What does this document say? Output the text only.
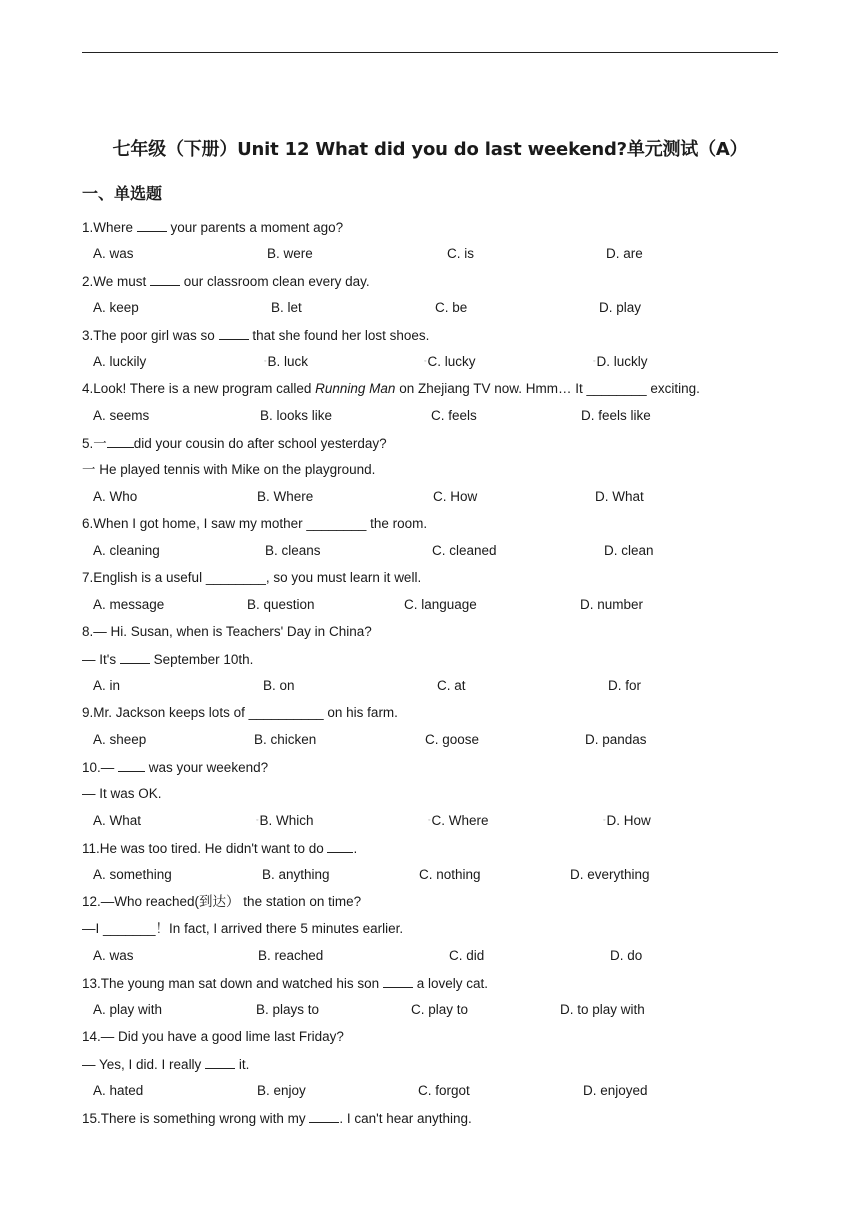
七年级（下册）Unit 12 What did you do last weekend?单元测试（A）
一、单选题
1.Where  your parents a moment ago?
A. was	B. were	C. is	D. are
2.We must  our classroom clean every day.
A. keep	B. let	C. be	D. play
3.The poor girl was so  that she found her lost shoes.
A. luckily	◦B. luck	◦C. lucky	◦D. luckly
4.Look! There is a new program called Running Man on Zhejiang TV now. Hmm… It ________ exciting.
A. seems	B. looks like	C. feels	D. feels like
5.一 did your cousin do after school yesterday?
一 He played tennis with Mike on the playground.
A. Who	B. Where	C. How	D. What
6.When I got home, I saw my mother ________ the room.
A. cleaning	B. cleans	C. cleaned	D. clean
7.English is a useful ________, so you must learn it well.
A. message	B. question	C. language	D. number
8.— Hi. Susan, when is Teachers' Day in China?
— It's  September 10th.
A. in	B. on	C. at	D. for
9.Mr. Jackson keeps lots of __________ on his farm.
A. sheep	B. chicken	C. goose	D. pandas
10.—  was your weekend?
— It was OK.
A. What	◦B. Which	◦C. Where	◦D. How
11.He was too tired. He didn't want to do .
A. something	B. anything	C. nothing	D. everything
12.—Who reached(到达） the station on time?
—I _______！In fact, I arrived there 5 minutes earlier.
A. was	B. reached	C. did	D. do
13.The young man sat down and watched his son  a lovely cat.
A. play with	B. plays to	C. play to	D. to play with
14.— Did you have a good lime last Friday?
— Yes, I did. I really  it.
A. hated	B. enjoy	C. forgot	D. enjoyed
15.There is something wrong with my . I can't hear anything.
